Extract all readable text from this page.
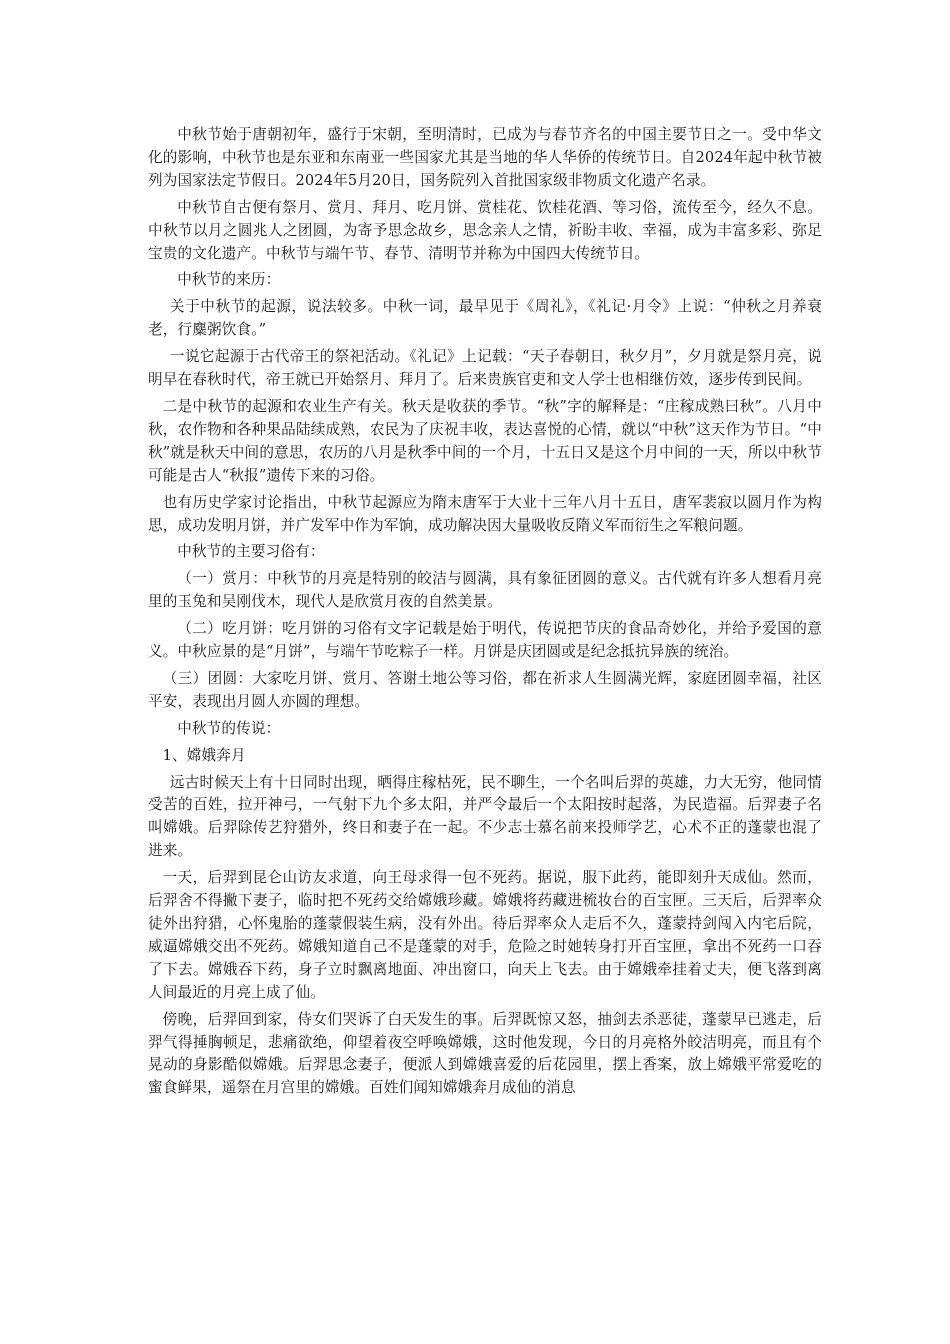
中秋节始于唐朝初年，盛行于宋朝，至明清时，已成为与春节齐名的中国主要节日之一。受中华文化的影响，中秋节也是东亚和东南亚一些国家尤其是当地的华人华侨的传统节日。自2024年起中秋节被列为国家法定节假日。2024年5月20日，国务院列入首批国家级非物质文化遗产名录。

中秋节自古便有祭月、赏月、拜月、吃月饼、赏桂花、饮桂花酒、等习俗，流传至今，经久不息。中秋节以月之圆兆人之团圆，为寄予思念故乡，思念亲人之情，祈盼丰收、幸福，成为丰富多彩、弥足宝贵的文化遗产。中秋节与端午节、春节、清明节并称为中国四大传统节日。

中秋节的来历：

关于中秋节的起源，说法较多。中秋一词，最早见于《周礼》，《礼记·月令》上说：“仲秋之月养衰老，行麋粥饮食。”

一说它起源于古代帝王的祭祀活动。《礼记》上记载：“天子春朝日，秋夕月”，夕月就是祭月亮，说明早在春秋时代，帝王就已开始祭月、拜月了。后来贵族官吏和文人学士也相继仿效，逐步传到民间。

二是中秋节的起源和农业生产有关。秋天是收获的季节。“秋”字的解释是：“庄稼成熟曰秋”。八月中秋，农作物和各种果品陆续成熟，农民为了庆祝丰收，表达喜悦的心情，就以“中秋”这天作为节日。“中秋”就是秋天中间的意思，农历的八月是秋季中间的一个月，十五日又是这个月中间的一天，所以中秋节可能是古人“秋报”遗传下来的习俗。

也有历史学家讨论指出，中秋节起源应为隋末唐军于大业十三年八月十五日，唐军裴寂以圆月作为构思，成功发明月饼，并广发军中作为军饷，成功解决因大量吸收反隋义军而衍生之军粮问题。

中秋节的主要习俗有：

（一）赏月：中秋节的月亮是特别的皎洁与圆满，具有象征团圆的意义。古代就有许多人想看月亮里的玉兔和吴刚伐木，现代人是欣赏月夜的自然美景。

（二）吃月饼：吃月饼的习俗有文字记载是始于明代，传说把节庆的食品奇妙化，并给予爱国的意义。中秋应景的是“月饼”，与端午节吃粽子一样。月饼是庆团圆或是纪念抵抗异族的统治。

（三）团圆：大家吃月饼、赏月、答谢土地公等习俗，都在祈求人生圆满光辉，家庭团圆幸福，社区平安，表现出月圆人亦圆的理想。

中秋节的传说：

1、嫦娥奔月

远古时候天上有十日同时出现，晒得庄稼枯死，民不聊生，一个名叫后羿的英雄，力大无穷，他同情受苦的百姓，拉开神弓，一气射下九个多太阳，并严令最后一个太阳按时起落，为民造福。后羿妻子名叫嫦娥。后羿除传艺狩猎外，终日和妻子在一起。不少志士慕名前来投师学艺，心术不正的蓬蒙也混了进来。

一天，后羿到昆仑山访友求道，向王母求得一包不死药。据说，服下此药，能即刻升天成仙。然而，后羿舍不得撇下妻子，临时把不死药交给嫦娥珍藏。嫦娥将药藏进梳妆台的百宝匣。三天后，后羿率众徒外出狩猎，心怀鬼胎的蓬蒙假装生病，没有外出。待后羿率众人走后不久，蓬蒙持剑闯入内宅后院，威逼嫦娥交出不死药。嫦娥知道自己不是蓬蒙的对手，危险之时她转身打开百宝匣，拿出不死药一口吞了下去。嫦娥吞下药，身子立时飘离地面、冲出窗口，向天上飞去。由于嫦娥牵挂着丈夫，便飞落到离人间最近的月亮上成了仙。

傍晚，后羿回到家，侍女们哭诉了白天发生的事。后羿既惊又怒，抽剑去杀恶徒，蓬蒙早已逃走，后羿气得捶胸顿足，悲痛欲绝，仰望着夜空呼唤嫦娥，这时他发现，今日的月亮格外皎洁明亮，而且有个晃动的身影酷似嫦娥。后羿思念妻子，便派人到嫦娥喜爱的后花园里，摆上香案，放上嫦娥平常爱吃的蜜食鲜果，遥祭在月宫里的嫦娥。百姓们闻知嫦娥奔月成仙的消息
